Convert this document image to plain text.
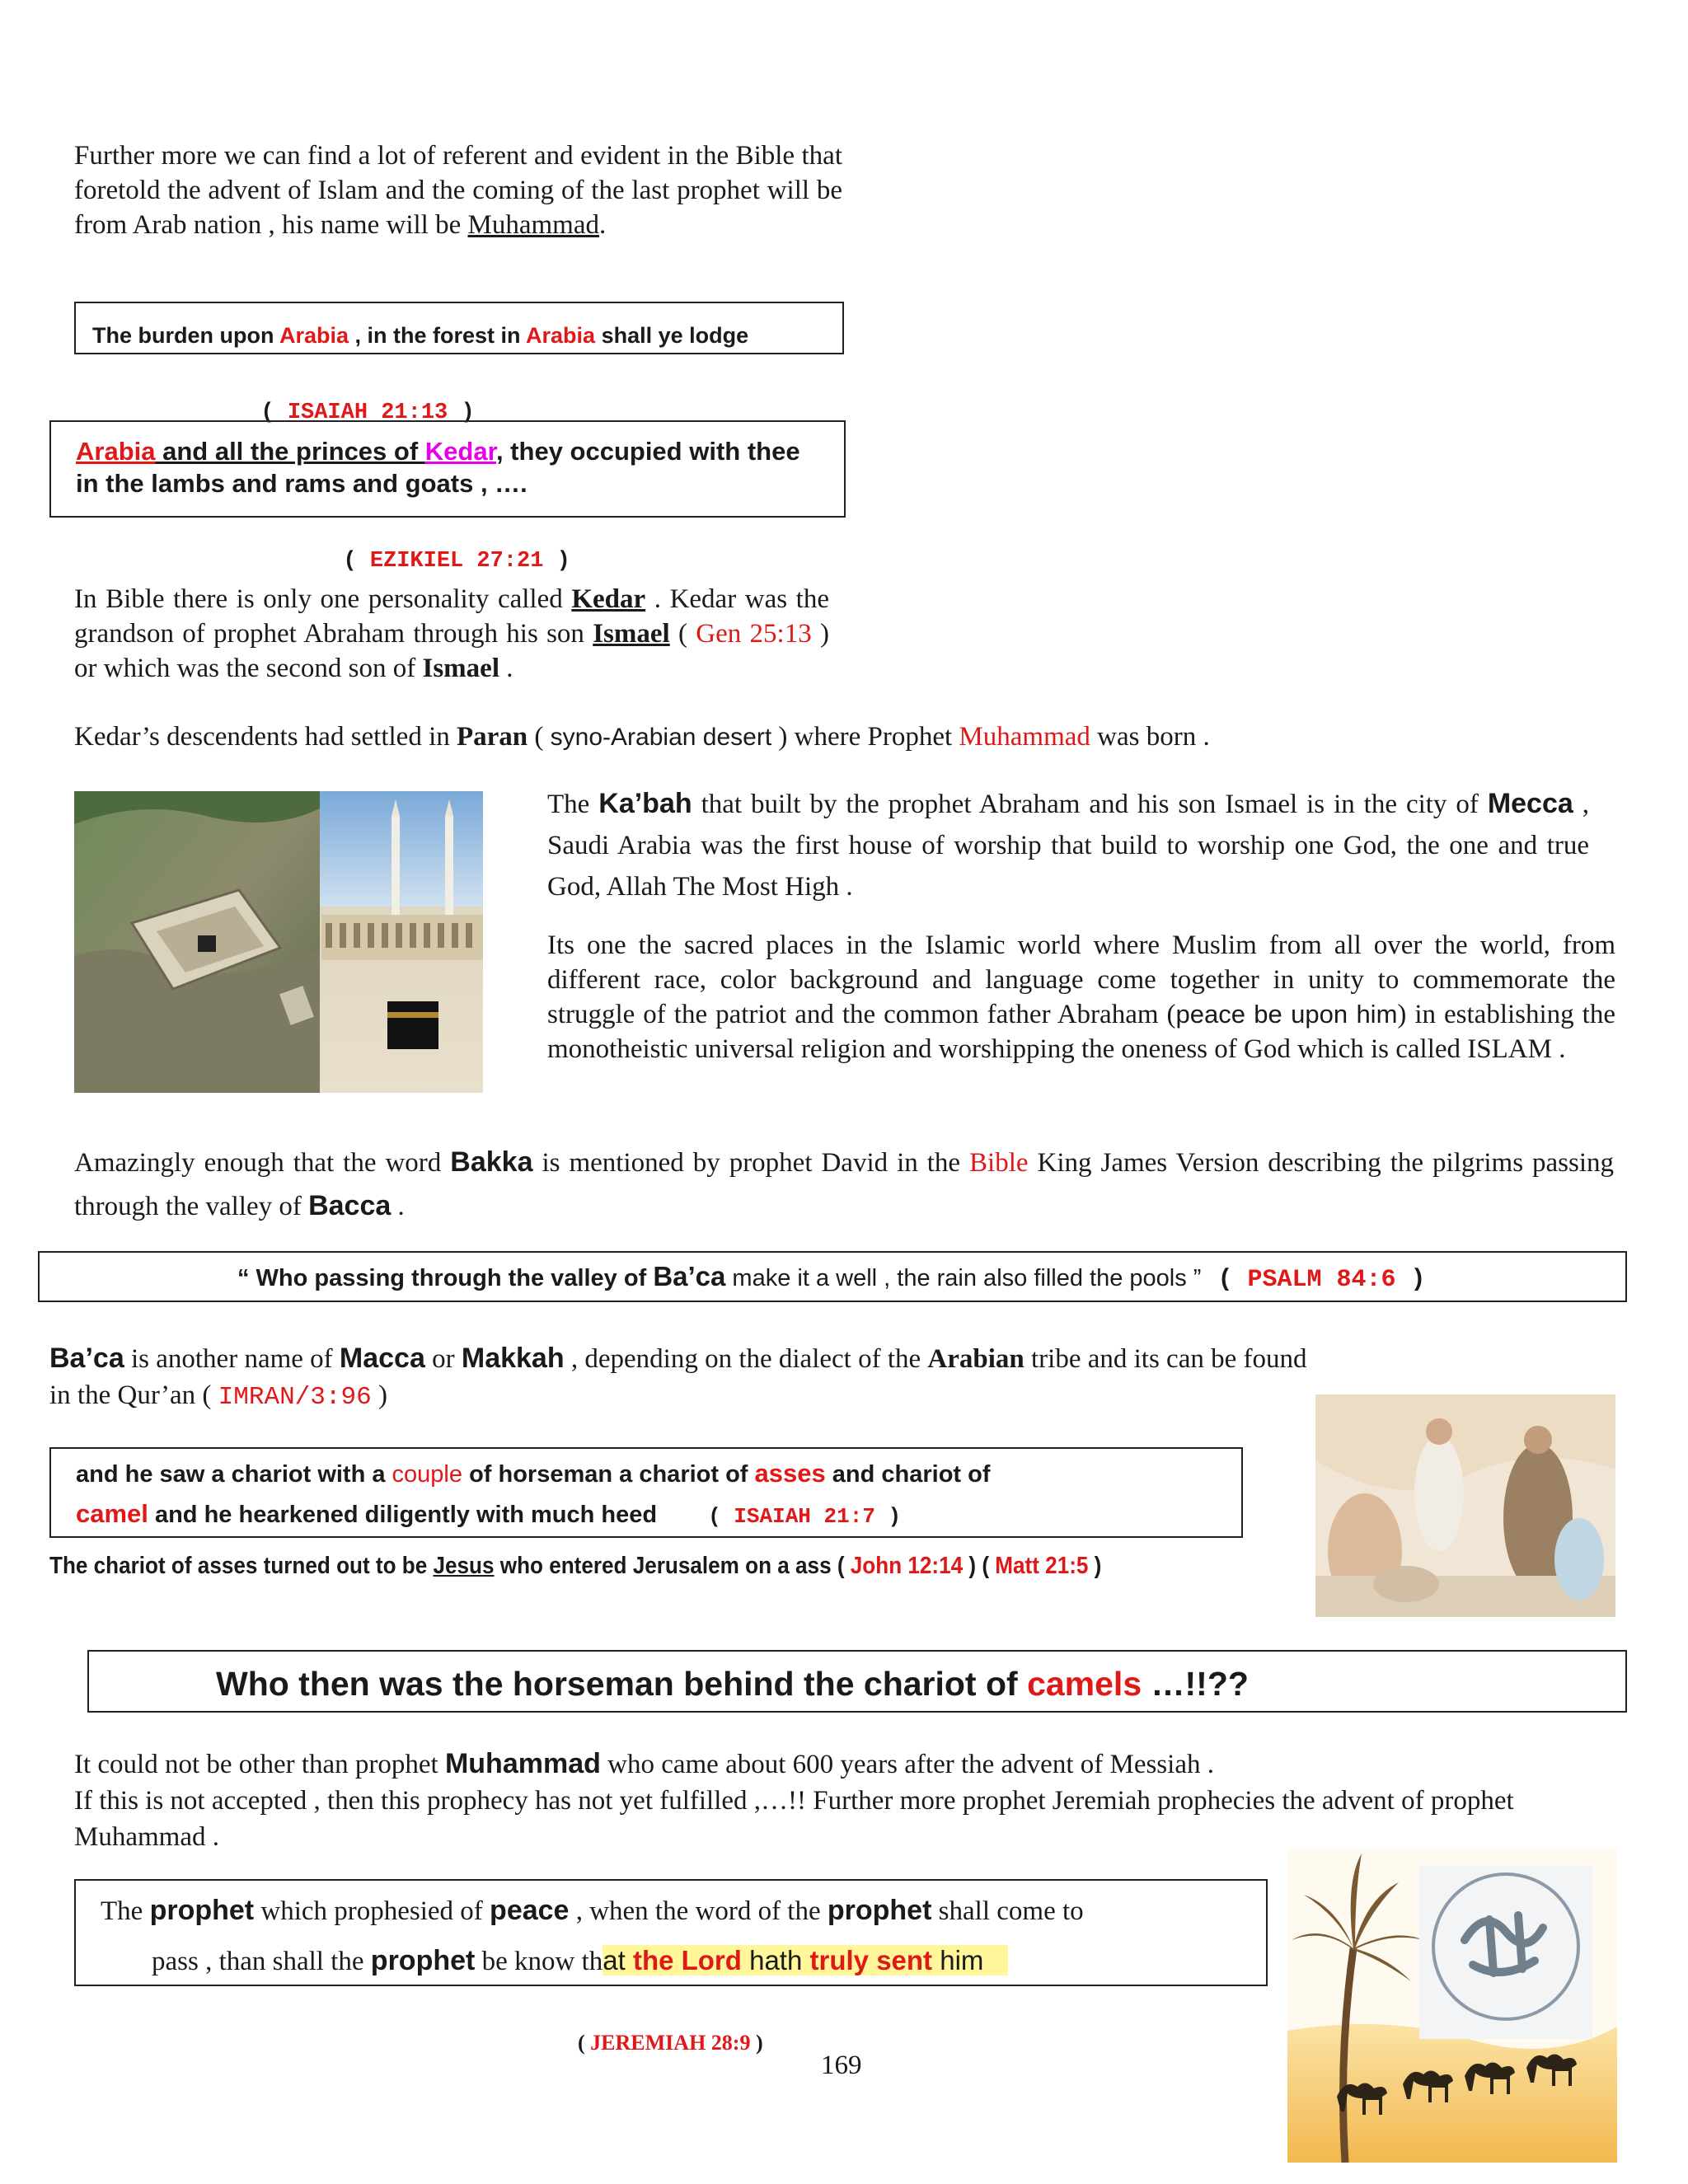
Further more we can find a lot of referent and evident in the Bible that foretold the advent of Islam and the coming of the last prophet will be from Arab nation , his name will be Muhammad.
The burden upon Arabia , in the forest in Arabia shall ye lodge

( ISAIAH 21:13 )

Arabia and all the princes of Kedar, they occupied with thee
in the lambs and rams and goats , ….

( EZIKIEL 27:21 )

In Bible there is only one personality called Kedar . Kedar was the grandson of prophet Abraham through his son Ismael ( Gen 25:13 ) or which was the second son of Ismael .
Kedar’s descendents had settled in Paran ( syno-Arabian desert ) where Prophet Muhammad was born .
The Ka’bah that built by the prophet Abraham and his son Ismael is in the city of Mecca , Saudi Arabia was the first house of worship that build to worship one God, the one and true God, Allah The Most High .
Its one the sacred places in the Islamic world where Muslim from all over the world, from different race, color background and language come together in unity to commemorate the struggle of the patriot and the common father Abraham (peace be upon him) in establishing the monotheistic universal religion and worshipping the oneness of God which is called ISLAM .
Amazingly enough that the word Bakka is mentioned by prophet David in the Bible King James Version describing the pilgrims passing through the valley of Bacca .
“ Who passing through the valley of Ba’ca make it a well , the rain also filled the pools ” ( PSALM 84:6 )
Ba’ca is another name of Macca or Makkah , depending on the dialect of the Arabian tribe and its can be found in the Qur’an ( IMRAN/3:96 )
and he saw a chariot with a couple of horseman a chariot of asses and chariot of
camel and he hearkened diligently with much heed ( ISAIAH 21:7 )
The chariot of asses turned out to be Jesus who entered Jerusalem on a ass ( John 12:14 ) ( Matt 21:5 )
Who then was the horseman behind the chariot of camels …!!??
It could not be other than prophet Muhammad who came about 600 years after the advent of Messiah .
If this is not accepted , then this prophecy has not yet fulfilled ,…!! Further more prophet Jeremiah prophecies the advent of prophet Muhammad .
The prophet which prophesied of peace , when the word of the prophet shall come to
pass , than shall the prophet be know that the Lord hath truly sent him

( JEREMIAH 28:9 )

169
